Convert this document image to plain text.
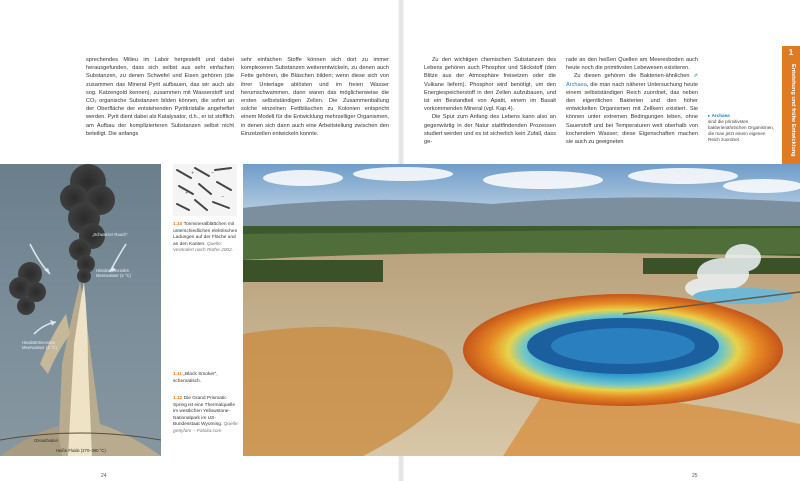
sprechendes Milieu im Labor hergestellt und dabei herausgefunden, dass sich selbst aus sehr einfachen Substanzen, zu denen Schwefel und Eisen gehören (die zusammen das Mineral Pyrit aufbauen, das wir auch als sog. Katzengold kennen), zusammen mit Wasserstoff und CO₂ organische Substanzen bilden können, die sofort an der Oberfläche der entstehenden Pyritkristalle angeheftet werden. Pyrit dient dabei als Katalysator, d.h., er ist stofflich am Aufbau der komplizierteren Substanzen selbst nicht beteiligt. Die anfangs

sehr einfachen Stoffe können sich dort zu immer komplexeren Substanzen weiterentwickeln, zu denen auch Fette gehören, die Bläschen bilden; wenn diese sich von ihrer Unterlage ablösten und im freien Wasser herumschwammen, dann waren das möglicherweise die ersten selbstständigen Zellen. Die Zusammenballung solche einzelnen Fettbläschen zu Kolonien entspricht einem Modell für die Entwicklung mehrzelliger Organismen, in denen sich dann auch eine Arbeitsteilung zwischen den Einzelzellen entwickeln konnte.

„Schwarzer Rauch“
Hinabströmendes Meerwasser (4 °C)
Hinabströmendes Meerwasser (4 °C)
Ozeanboden
Heiße Fluide (270–390 °C)
+	−
+
−
1.10 Tonmineralblättchen mit unterschiedlichen elektrischen Ladungen auf der Fläche und an den Kanten. Quelle: Verändert nach Rothe 2002.
1.11 „Black Smoker“, schematisch.
1.12 Die Grand Prismatic Spring ist eine Thermalquelle im westlichen Yellowstone-Nationalpark im US-Bundesstaat Wyoming. Quelle: gettyfam – Fotolia.com
24

Zu den wichtigen chemischen Substanzen des Lebens gehören auch Phosphor und Stickstoff (den Blitze aus der Atmosphäre freisetzen oder die Vulkane liefern). Phosphor wird benötigt, um den Energiespeicherstoff in den Zellen aufzubauen, und ist ein Bestandteil von Apatit, einem im Basalt vorkommenden Mineral (vgl. Kap.4).

Die Spur zum Anfang des Lebens kann also an gegenwärtig in der Natur stattfindenden Prozessen studiert werden und es ist sicherlich kein Zufall, dass ge-

rade an den heißen Quellen am Meeresboden auch heute noch die primitivsten Lebewesen existieren.

Zu diesen gehören die Bakterien-ähnlichen ⇗ Archaea, die man nach näherer Untersuchung heute einem selbstständigen Reich zuordnet, das neben den eigentlichen Bakterien und den höher entwickelten Organismen mit Zellkern existiert. Sie können unter extremen Bedingungen leben, ohne Sauerstoff und bei Temperaturen weit oberhalb von kochendem Wasser; diese Eigenschaften machen sie auch zu geeigneten

1
Entstehung und frühe Entwicklung
▸ Archaea
sind die primitivsten bakterienähnlichen Organismen, die man jetzt einem eigenen Reich zuordnet.
25
